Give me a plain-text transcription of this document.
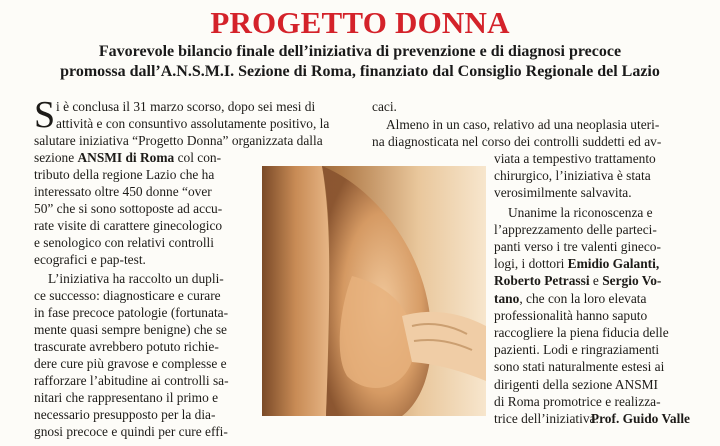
PROGETTO DONNA
Favorevole bilancio finale dell’iniziativa di prevenzione e di diagnosi precoce
promossa dall’A.N.S.M.I. Sezione di Roma, finanziato dal Consiglio Regionale del Lazio
S i è conclusa il 31 marzo scorso, dopo sei mesi di
attività e con consuntivo assolutamente positivo, la
salutare iniziativa “Progetto Donna” organizzata dalla
sezione ANSMI di Roma col con-
tributo della regione Lazio che ha
interessato oltre 450 donne “over
50” che si sono sottoposte ad accu-
rate visite di carattere ginecologico
e senologico con relativi controlli
ecografici e pap-test.
L’iniziativa ha raccolto un dupli-
ce successo: diagnosticare e curare
in fase precoce patologie (fortunata-
mente quasi sempre benigne) che se
trascurate avrebbero potuto richie-
dere cure più gravose e complesse e
rafforzare l’abitudine ai controlli sa-
nitari che rappresentano il primo e
necessario presupposto per la dia-
gnosi precoce e quindi per cure effi-
caci.
Almeno in un caso, relativo ad una neoplasia uteri-
na diagnosticata nel corso dei controlli suddetti ed av-
viata a tempestivo trattamento
chirurgico, l’iniziativa è stata
verosimilmente salvavita.
Unanime la riconoscenza e
l’apprezzamento delle parteci-
panti verso i tre valenti gineco-
logi, i dottori Emidio Galanti,
Roberto Petrassi e Sergio Vo-
tano, che con la loro elevata
professionalità hanno saputo
raccogliere la piena fiducia delle
pazienti. Lodi e ringraziamenti
sono stati naturalmente estesi ai
dirigenti della sezione ANSMI
di Roma promotrice e realizza-
trice dell’iniziativa.
Prof. Guido Valle
